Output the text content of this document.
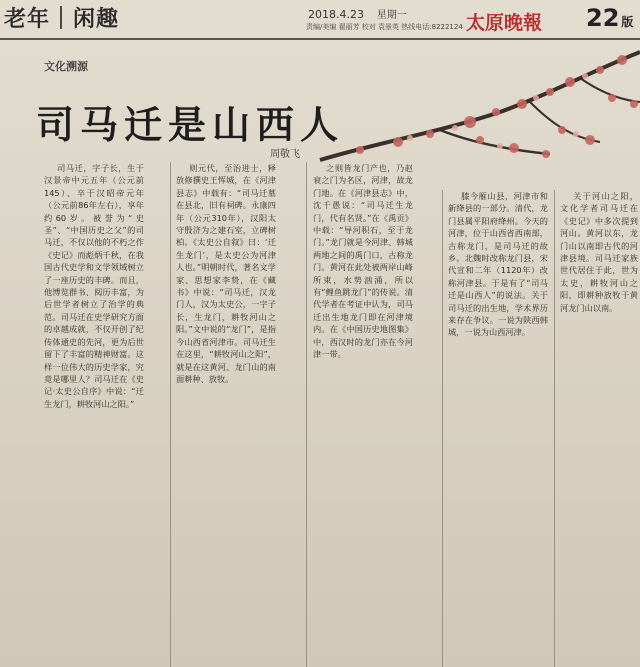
老年｜闲趣	2018.4.23 星期一
责编/美编 翟丽芳 校对 袁景英 热线电话:8222124 太原晚報 22 版
文化溯源
司马迁是山西人
周敬飞

司马迁，字子长，生于汉景帝中元五年（公元前145）、卒于汉昭帝元年（公元前86年左右），享年约60岁。被誉为“史圣”、“中国历史之父”的司马迁，不仅以他的不朽之作《史记》而彪炳千秋，在我国古代史学和文学领域树立了一座历史的丰碑。而且，他博览群书、阅历丰富，为后世学者树立了治学的典范。司马迁在史学研究方面的卓越成就，不仅开创了纪传体通史的先河，更为后世留下了丰富的精神财富。这样一位伟大的历史学家，究竟是哪里人？司马迁在《史记·太史公自序》中说：“迁生龙门，耕牧河山之阳。”

则元代，至治进士，释放修撰史王恽城，在《河津县志》中载有：“司马迁墓在县北，旧有祠碑。永康四年（公元310年），汉阳太守殷济为之建石室，立碑树柏。《太史公自叙》曰：‘迁生龙门’，是太史公为河津人也。”明朝时代，著名文学家、思想家李贽，在《藏书》中说：“司马迁，汉龙门人，汉为太史公，一字子长，生龙门，耕牧河山之阳。”文中说的“龙门”，是指今山西省河津市。司马迁生在这里，“耕牧河山之阳”，就是在这黄河、龙门山的南面耕种、放牧。

之则皆龙门产也，乃赵衰之门为名区，河津，故龙门地。在《河津县志》中，沈千愚说：“司马迁生龙门，代有名贤。”在《禹贡》中载：“导河积石，至于龙门。”龙门就是今河津、韩城两地之间的禹门口，古称龙门。黄河在此处被两岸山峰所束，水势汹涌，所以有“鲤鱼跳龙门”的传说。清代学者在考证中认为，司马迁出生地龙门即在河津境内。在《中国历史地图集》中，西汉时的龙门亦在今河津一带。

膝今雁山县，河津市和新绛县的一部分。清代，龙门县属平阳府绛州。今天的河津，位于山西省西南部，古称龙门，是司马迁的故乡。北魏时改称龙门县，宋代宣和二年（1120年）改称河津县。于是有了“司马迁是山西人”的说法。关于司马迁的出生地，学术界历来存在争议。一说为陕西韩城，一说为山西河津。

关于河山之阳，文化学者司马迁在《史记》中多次提到河山。黄河以东，龙门山以南即古代的河津县境。司马迁家族世代居住于此，世为太史，耕牧河山之阳，即耕种放牧于黄河龙门山以南。
